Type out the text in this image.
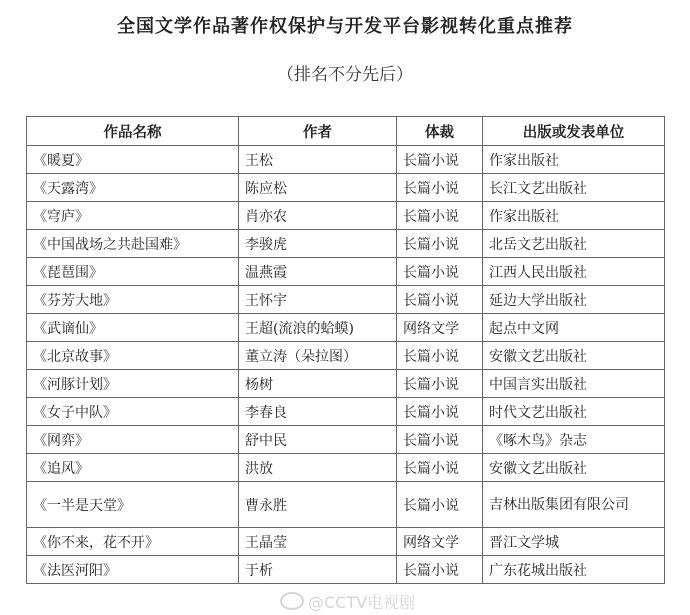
全国文学作品著作权保护与开发平台影视转化重点推荐
（排名不分先后）
作品名称	作者	体裁	出版或发表单位
《暖夏》	王松	长篇小说	作家出版社
《天露湾》	陈应松	长篇小说	长江文艺出版社
《穹庐》	肖亦农	长篇小说	作家出版社
《中国战场之共赴国难》	李骏虎	长篇小说	北岳文艺出版社
《琵琶围》	温燕霞	长篇小说	江西人民出版社
《芬芳大地》	王怀宇	长篇小说	延边大学出版社
《武谪仙》	王超(流浪的蛤蟆)	网络文学	起点中文网
《北京故事》	董立涛（朵拉图）	长篇小说	安徽文艺出版社
《河豚计划》	杨树	长篇小说	中国言实出版社
《女子中队》	李春良	长篇小说	时代文艺出版社
《网弈》	舒中民	长篇小说	《啄木鸟》杂志
《追风》	洪放	长篇小说	安徽文艺出版社
《一半是天堂》	曹永胜	长篇小说	吉林出版集团有限公司
《你不来，花不开》	王晶莹	网络文学	晋江文学城
《法医河阳》	于析	长篇小说	广东花城出版社
@CCTV电视剧
